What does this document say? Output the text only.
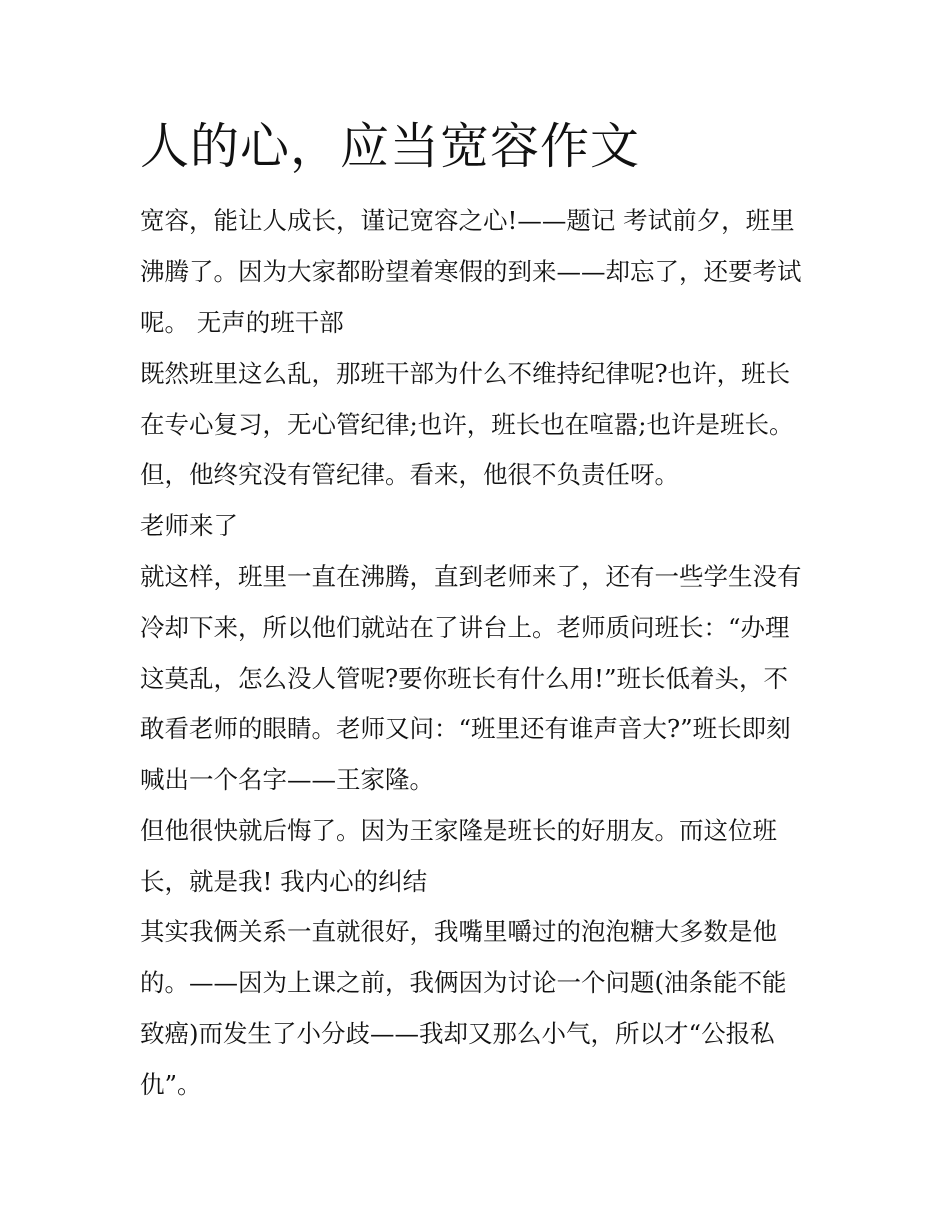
人的心，应当宽容作文

宽容，能让人成长，谨记宽容之心!——题记 考试前夕，班里

沸腾了。因为大家都盼望着寒假的到来——却忘了，还要考试

呢。 无声的班干部

既然班里这么乱，那班干部为什么不维持纪律呢?也许，班长

在专心复习，无心管纪律;也许，班长也在喧嚣;也许是班长。

但，他终究没有管纪律。看来，他很不负责任呀。

老师来了

就这样，班里一直在沸腾，直到老师来了，还有一些学生没有

冷却下来，所以他们就站在了讲台上。老师质问班长：“办理

这莫乱，怎么没人管呢?要你班长有什么用!”班长低着头，不

敢看老师的眼睛。老师又问：“班里还有谁声音大?”班长即刻

喊出一个名字——王家隆。

但他很快就后悔了。因为王家隆是班长的好朋友。而这位班

长，就是我! 我内心的纠结

其实我俩关系一直就很好，我嘴里嚼过的泡泡糖大多数是他

的。——因为上课之前，我俩因为讨论一个问题(油条能不能

致癌)而发生了小分歧——我却又那么小气，所以才“公报私

仇”。
